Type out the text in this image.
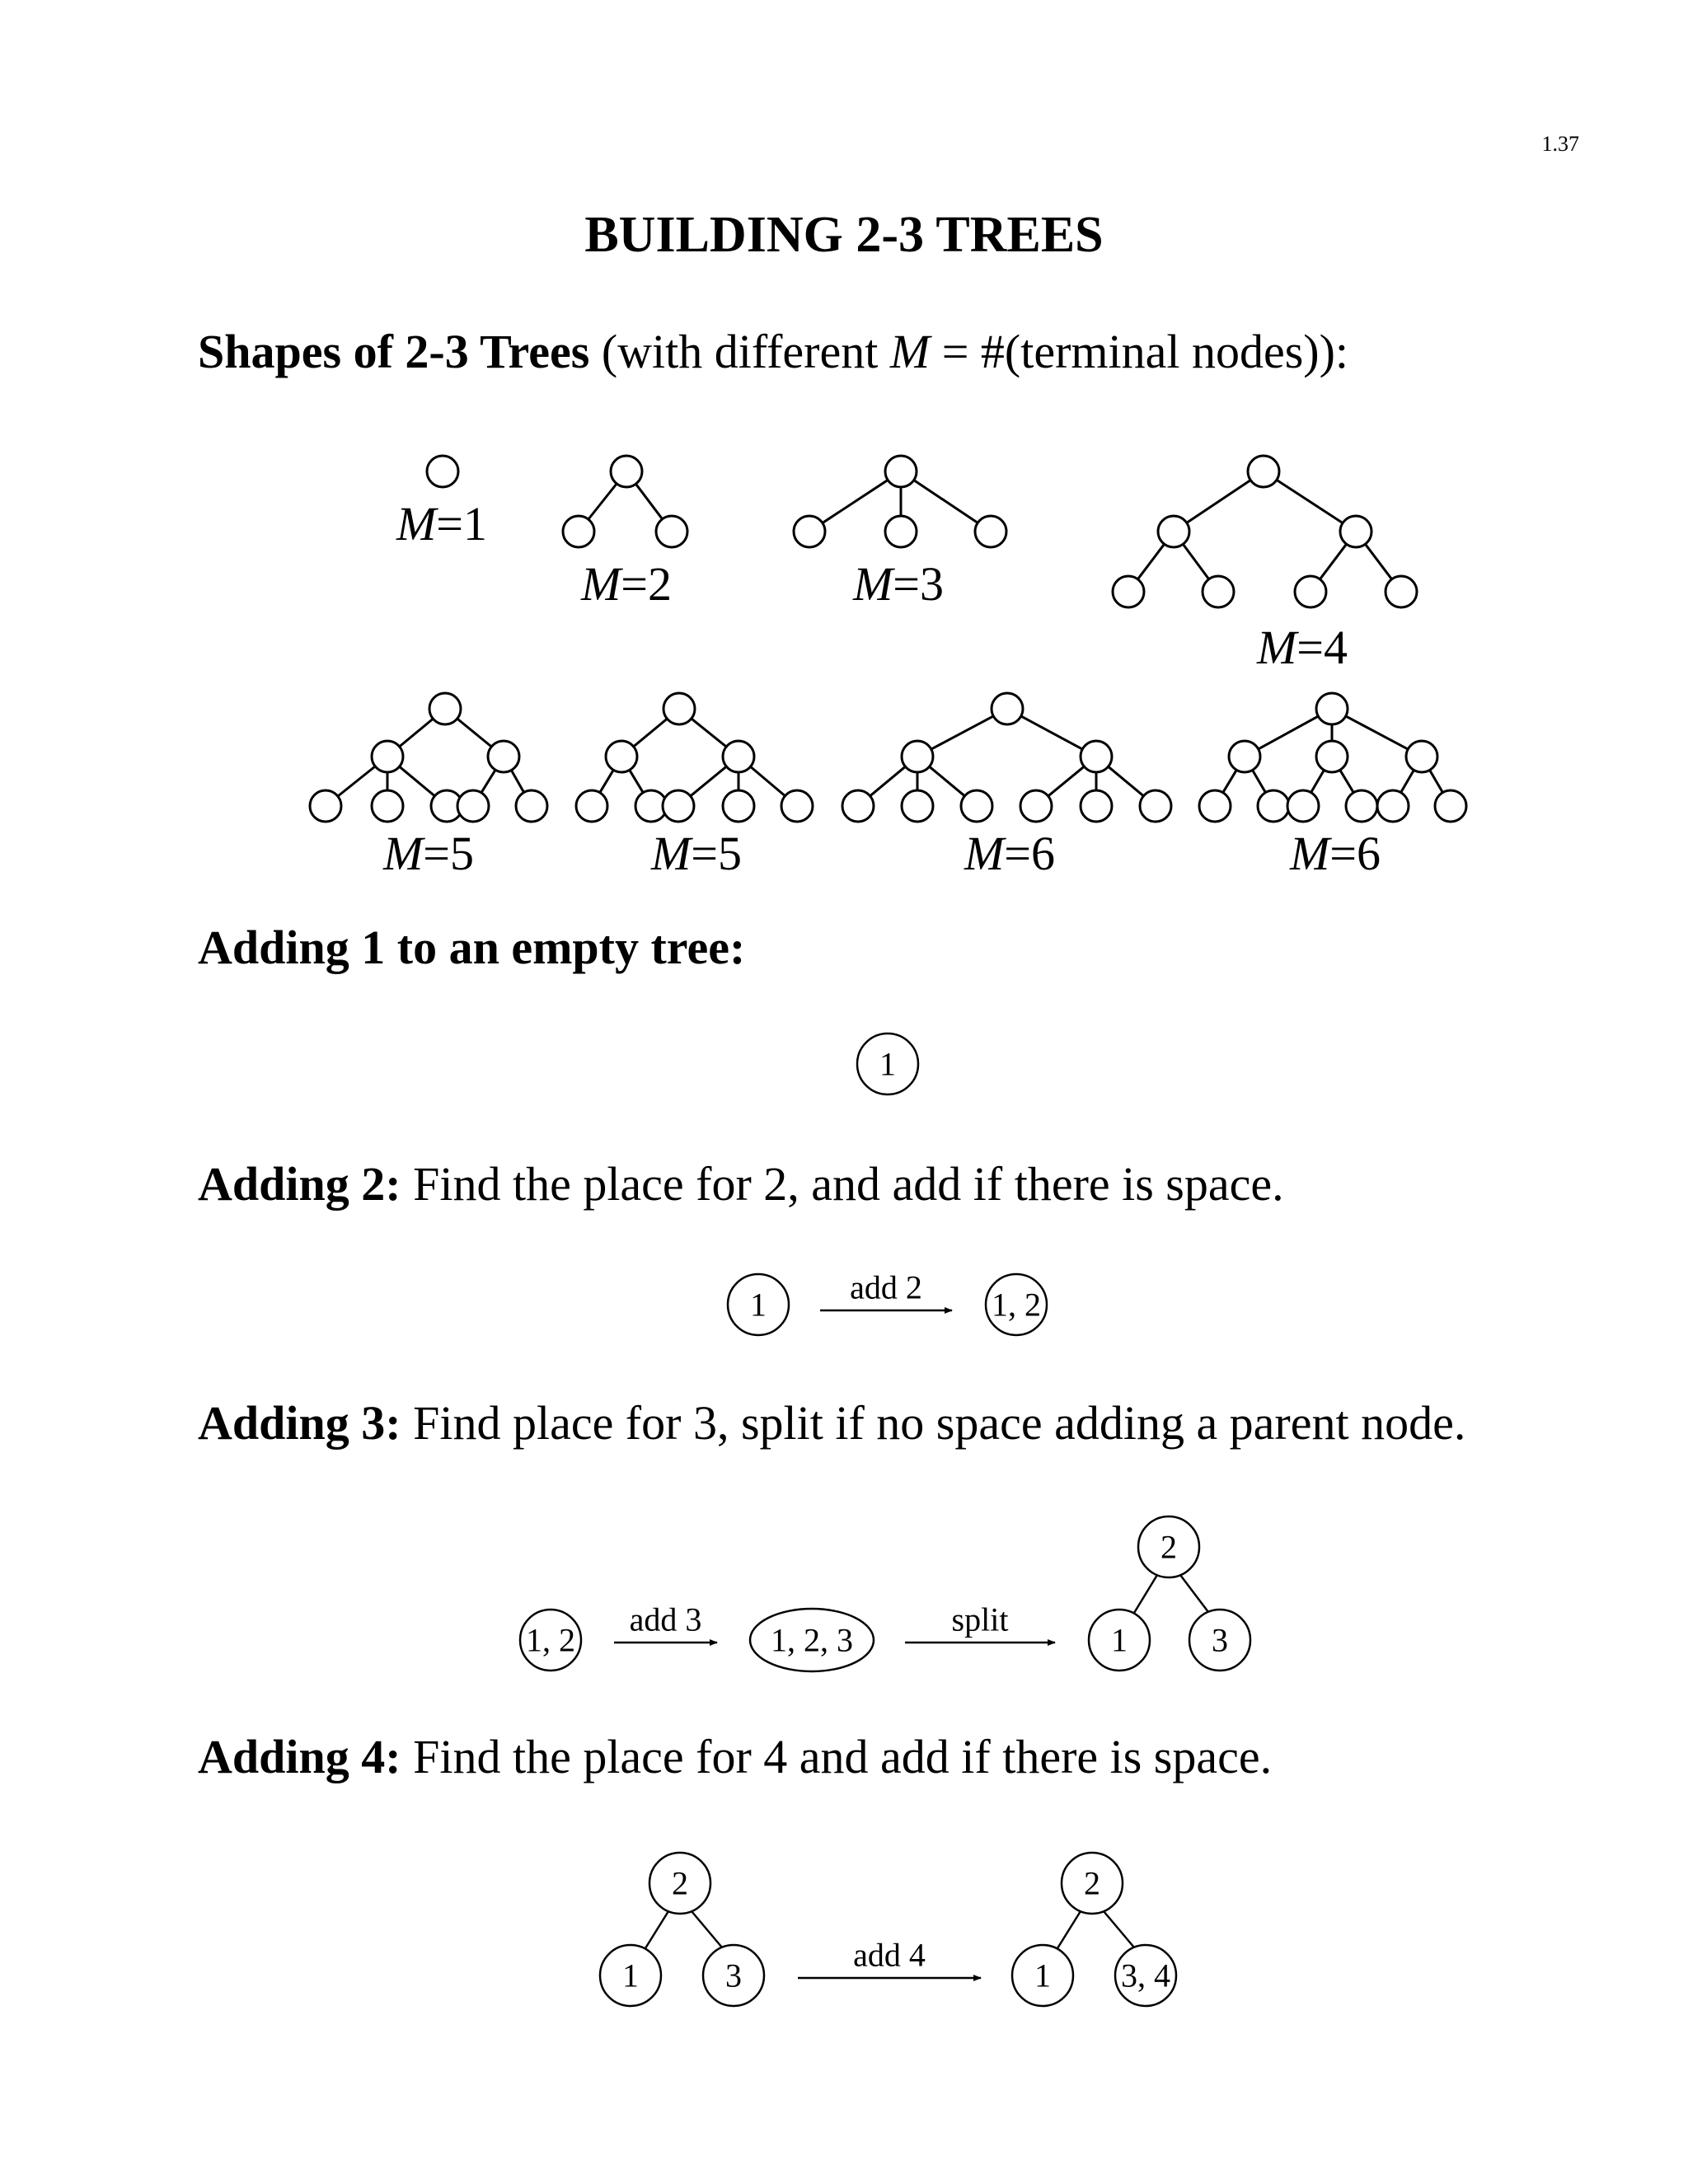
1.37
BUILDING 2-3 TREES
Shapes of 2-3 Trees (with different M = #(terminal nodes)):
Adding 1 to an empty tree:
Adding 2: Find the place for 2, and add if there is space.
Adding 3: Find place for 3, split if no space adding a parent node.
Adding 4: Find the place for 4 and add if there is space.
M=1
M=2	M=3
M=4
M=5	M=5	M=6	M=6
1
1	add 2 1, 2
1, 2
add 3
1, 2, 3
split
2
1	3
2
1	3
add 4
2
1 3, 4
